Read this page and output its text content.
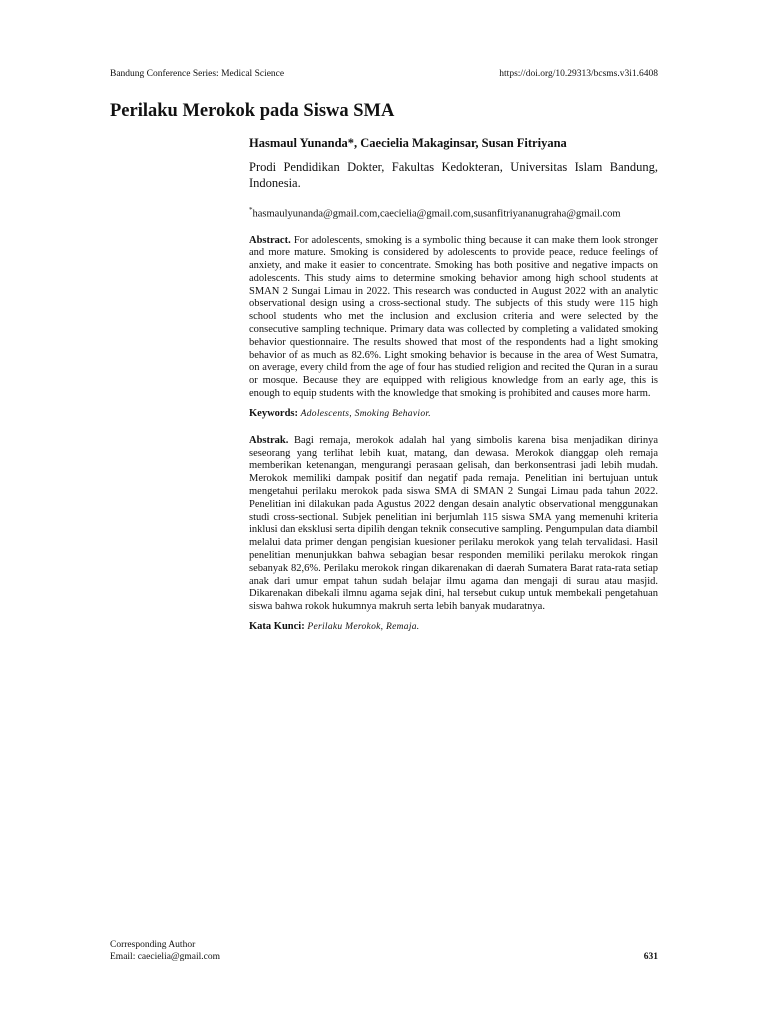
Bandung Conference Series: Medical Science	https://doi.org/10.29313/bcsms.v3i1.6408
Perilaku Merokok pada Siswa SMA

Hasmaul Yunanda*, Caecielia Makaginsar, Susan Fitriyana

Prodi Pendidikan Dokter, Fakultas Kedokteran, Universitas Islam Bandung, Indonesia.

*hasmaulyunanda@gmail.com,caecielia@gmail.com,susanfitriyananugraha@gmail.com

Abstract. For adolescents, smoking is a symbolic thing because it can make them look stronger and more mature. Smoking is considered by adolescents to provide peace, reduce feelings of anxiety, and make it easier to concentrate. Smoking has both positive and negative impacts on adolescents. This study aims to determine smoking behavior among high school students at SMAN 2 Sungai Limau in 2022. This research was conducted in August 2022 with an analytic observational design using a cross-sectional study. The subjects of this study were 115 high school students who met the inclusion and exclusion criteria and were selected by the consecutive sampling technique. Primary data was collected by completing a validated smoking behavior questionnaire. The results showed that most of the respondents had a light smoking behavior of as much as 82.6%. Light smoking behavior is because in the area of West Sumatra, on average, every child from the age of four has studied religion and recited the Quran in a surau or mosque. Because they are equipped with religious knowledge from an early age, this is enough to equip students with the knowledge that smoking is prohibited and causes more harm.

Keywords: Adolescents, Smoking Behavior.

Abstrak. Bagi remaja, merokok adalah hal yang simbolis karena bisa menjadikan dirinya seseorang yang terlihat lebih kuat, matang, dan dewasa. Merokok dianggap oleh remaja memberikan ketenangan, mengurangi perasaan gelisah, dan berkonsentrasi jadi lebih mudah. Merokok memiliki dampak positif dan negatif pada remaja. Penelitian ini bertujuan untuk mengetahui perilaku merokok pada siswa SMA di SMAN 2 Sungai Limau pada tahun 2022. Penelitian ini dilakukan pada Agustus 2022 dengan desain analytic observational menggunakan studi cross-sectional. Subjek penelitian ini berjumlah 115 siswa SMA yang memenuhi kriteria inklusi dan eksklusi serta dipilih dengan teknik consecutive sampling. Pengumpulan data diambil melalui data primer dengan pengisian kuesioner perilaku merokok yang telah tervalidasi. Hasil penelitian menunjukkan bahwa sebagian besar responden memiliki perilaku merokok ringan sebanyak 82,6%. Perilaku merokok ringan dikarenakan di daerah Sumatera Barat rata-rata setiap anak dari umur empat tahun sudah belajar ilmu agama dan mengaji di surau atau masjid. Dikarenakan dibekali ilmnu agama sejak dini, hal tersebut cukup untuk membekali pengetahuan siswa bahwa rokok hukumnya makruh serta lebih banyak mudaratnya.

Kata Kunci: Perilaku Merokok, Remaja.

Corresponding Author
Email: caecielia@gmail.com	631
